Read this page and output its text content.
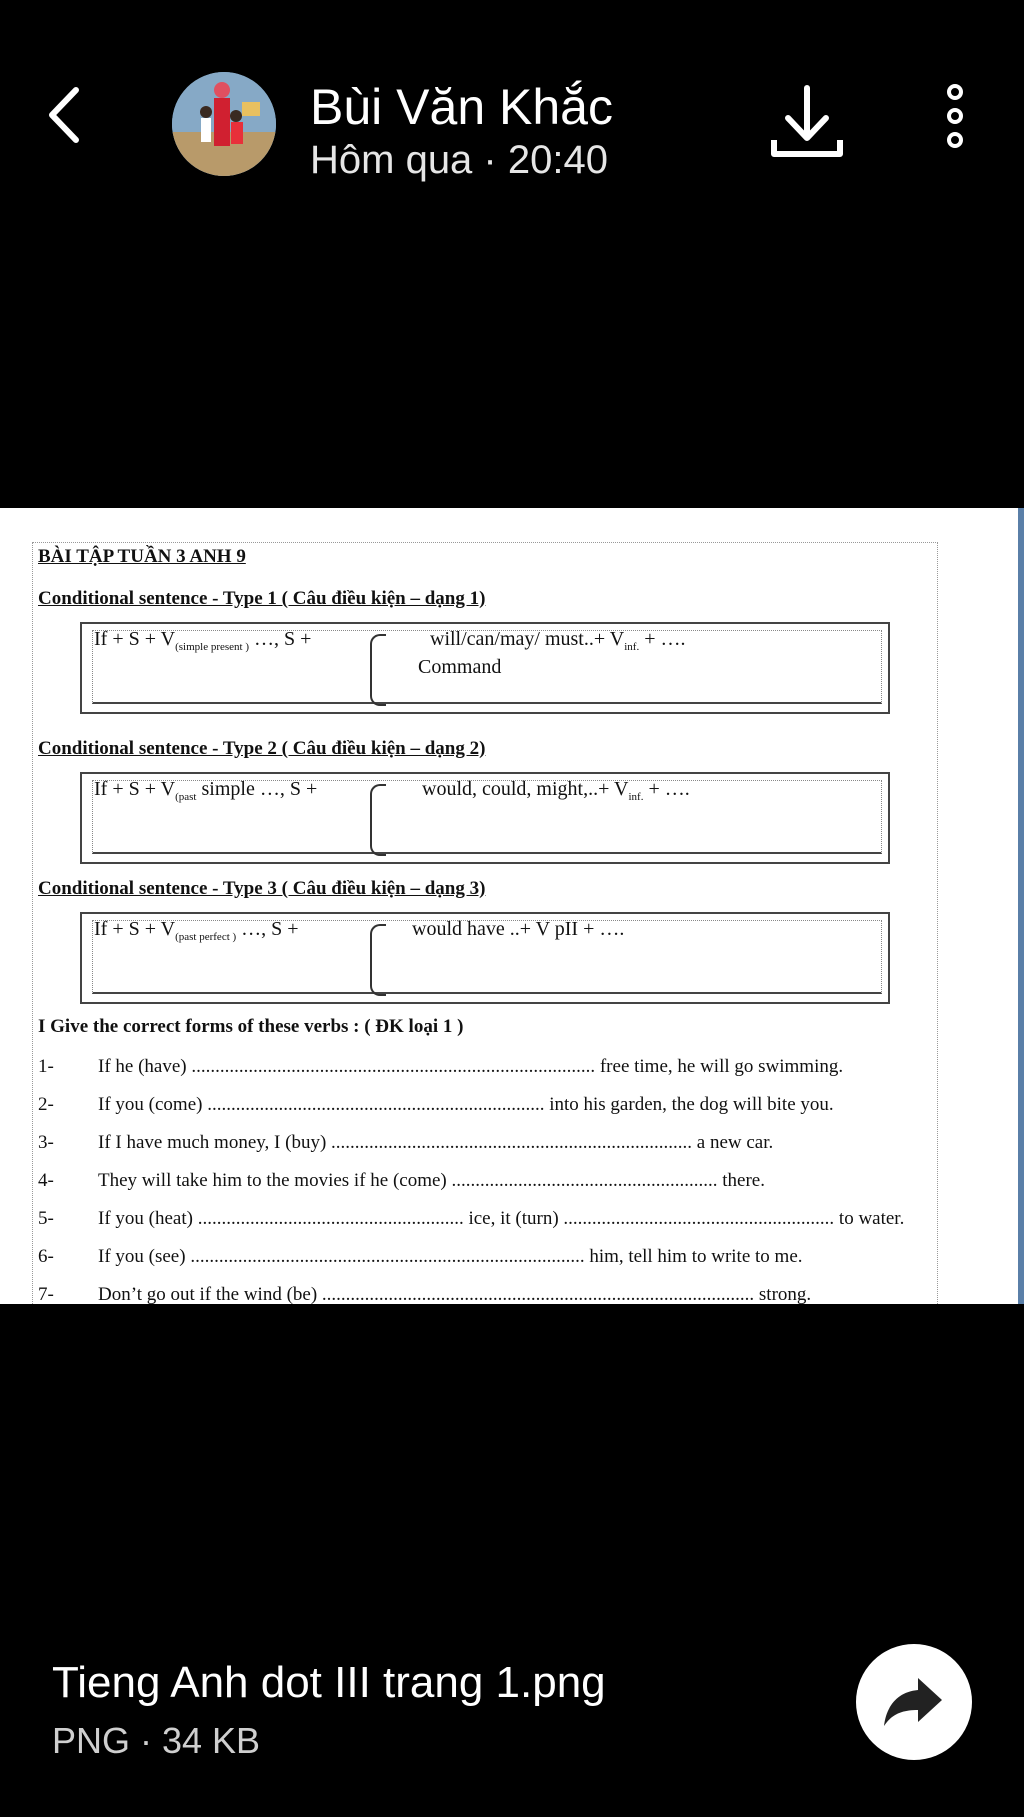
Bùi Văn Khắc
Hôm qua · 20:40
BÀI TẬP TUẦN 3 ANH 9
Conditional sentence - Type 1 ( Câu điều kiện – dạng 1)
$If + S + V_{(simple present )}$ …, S +	will/can/may/ must..+ $V_{inf.}$ + ….
Command
Conditional sentence - Type 2 ( Câu điều kiện – dạng 2)
$If + S + V_{(past}$ simple …, S +	would, could, might,..+ $V_{inf.}$ + ….
Conditional sentence - Type 3 ( Câu điều kiện – dạng 3)
$If + S + V_{(past perfect )}$ …, S +	would have ..+ V pII + ….
I Give the correct forms of these verbs : ( ĐK loại 1 )
1-	If he (have) ..................................................................................... free time, he will go swimming.
2-	If you (come) ....................................................................... into his garden, the dog will bite you.
3-	If I have much money, I (buy) ............................................................................ a new car.
4-	They will take him to the movies if he (come) ........................................................ there.
5-	If you (heat) ........................................................ ice, it (turn) ......................................................... to water.
6-	If you (see) ................................................................................... him, tell him to write to me.
7-	Don’t go out if the wind (be) ........................................................................................... strong.
Tieng Anh dot III trang 1.png
PNG · 34 KB
